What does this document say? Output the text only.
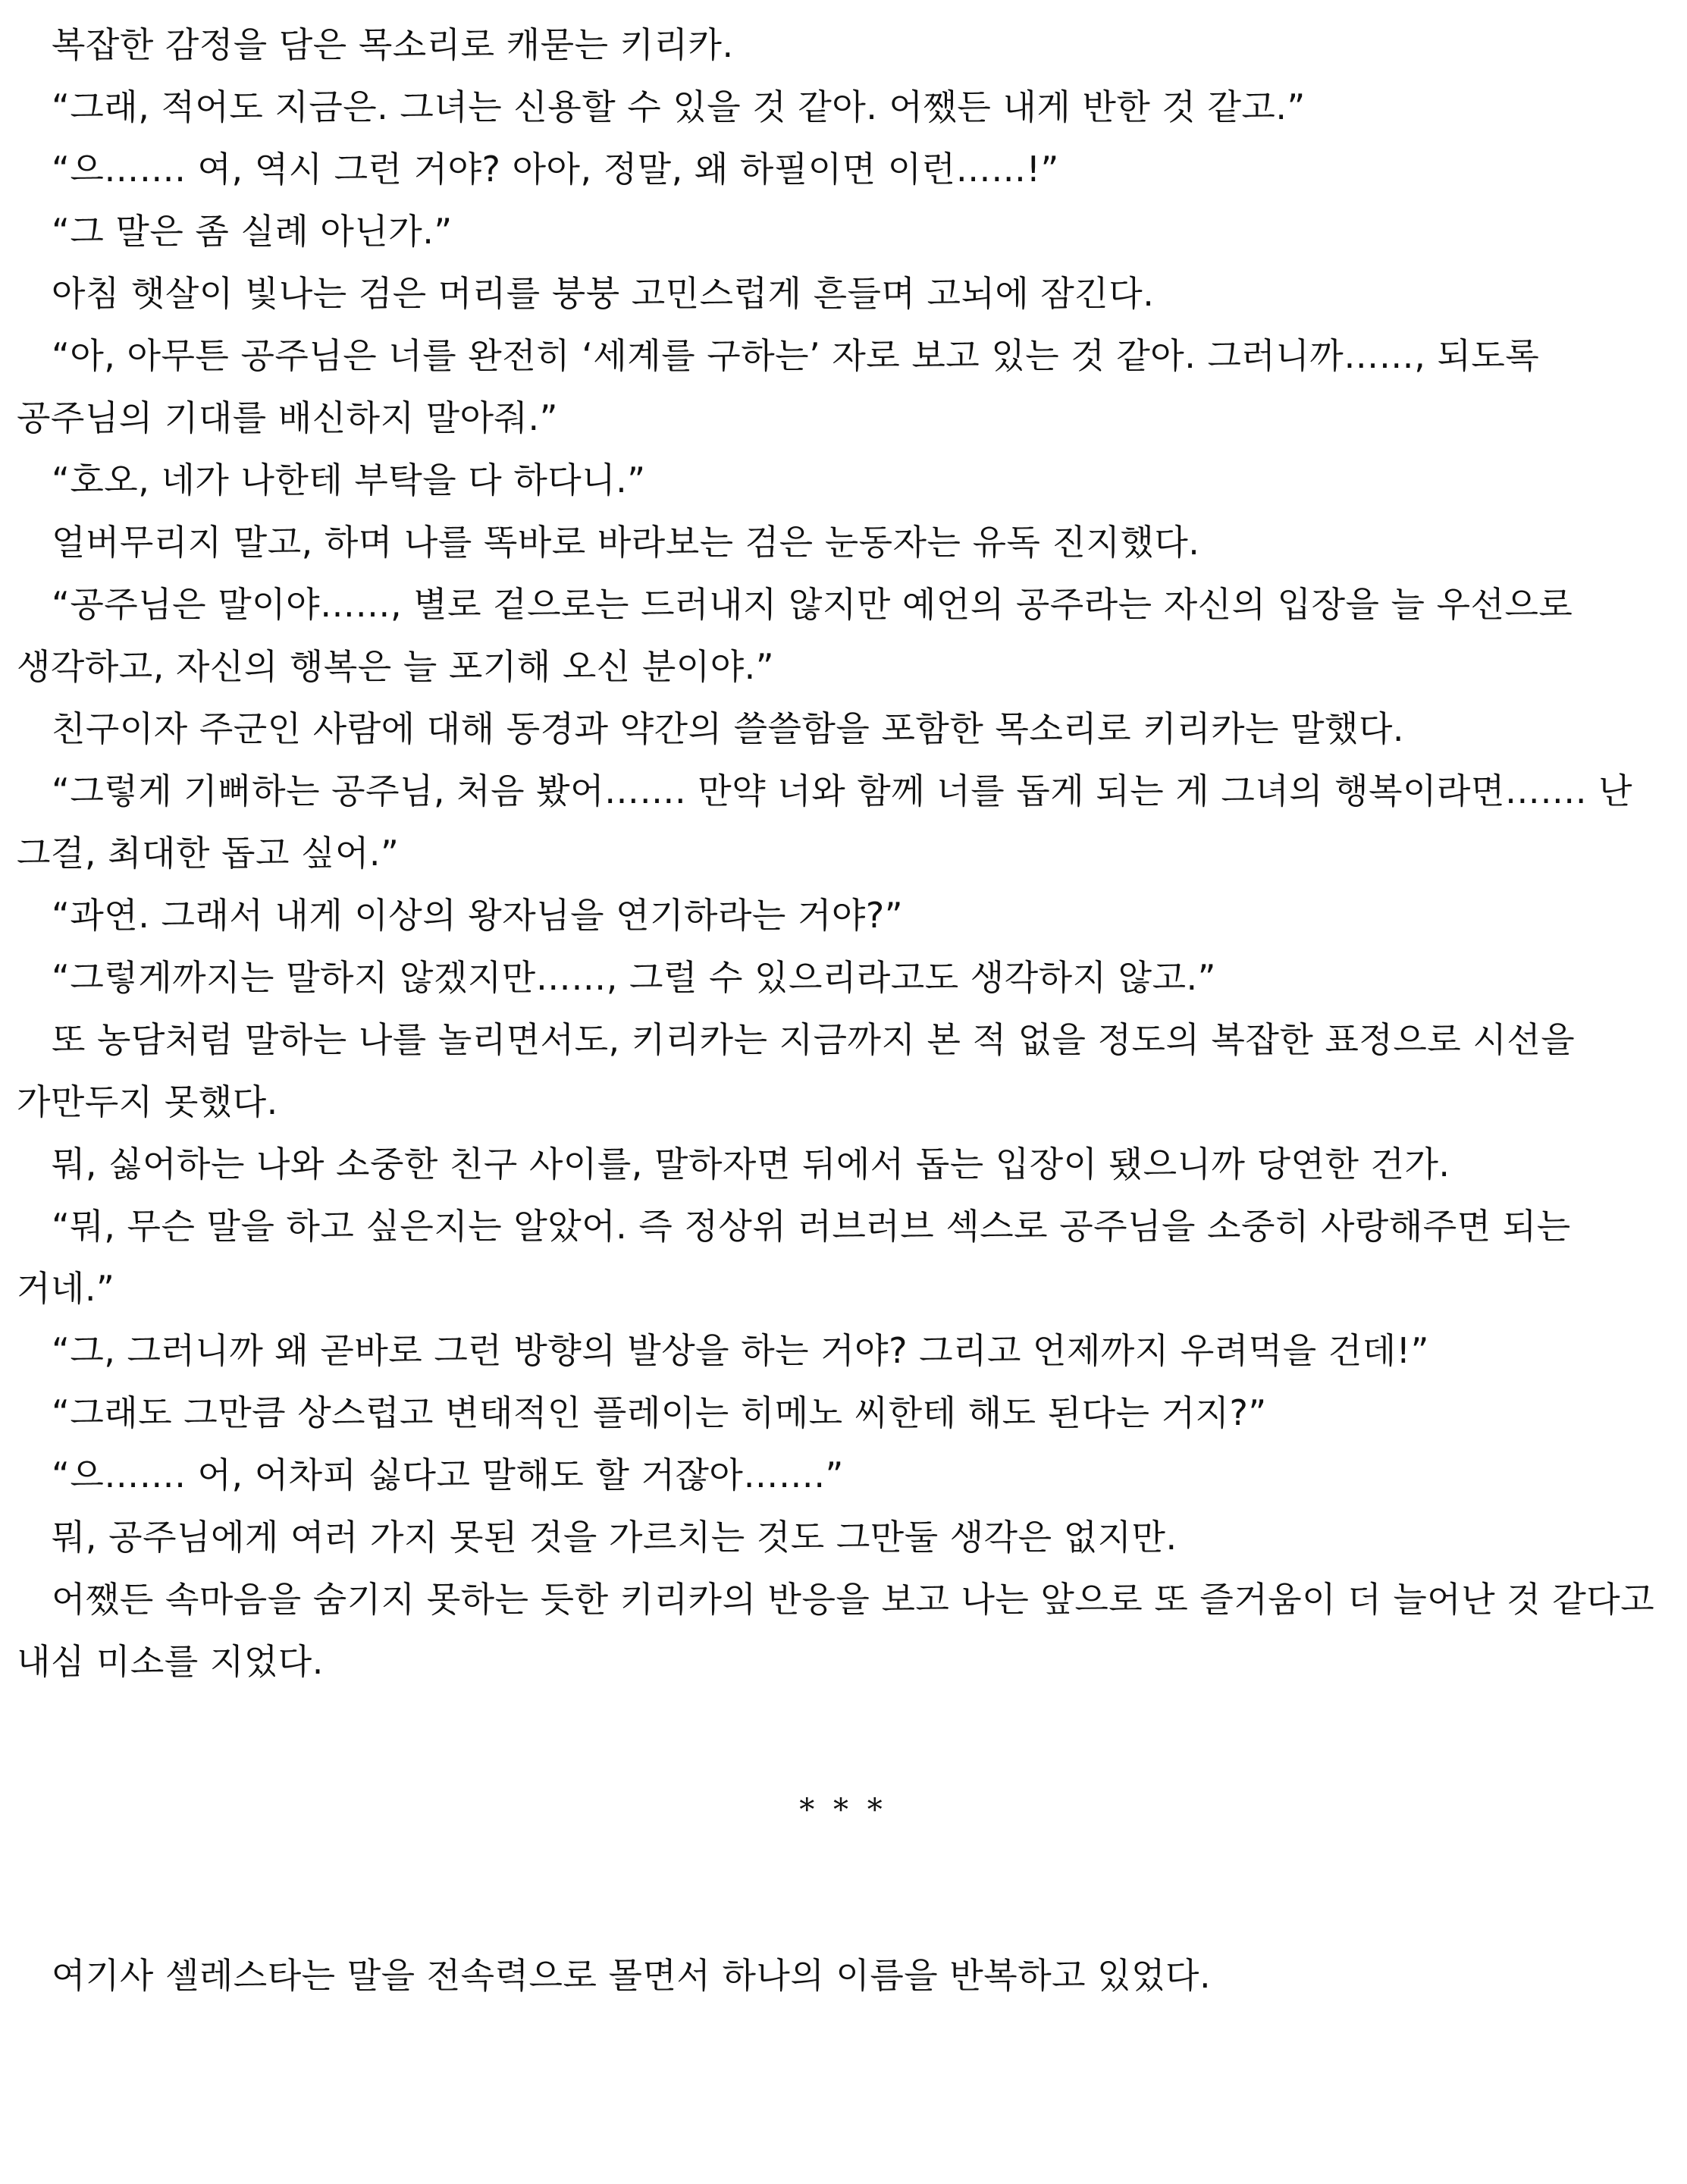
복잡한 감정을 담은 목소리로 캐묻는 키리카.

“그래, 적어도 지금은. 그녀는 신용할 수 있을 것 같아. 어쨌든 내게 반한 것 같고.”

“으……. 여, 역시 그런 거야? 아아, 정말, 왜 하필이면 이런……!”

“그 말은 좀 실례 아닌가.”

아침 햇살이 빛나는 검은 머리를 붕붕 고민스럽게 흔들며 고뇌에 잠긴다.

“아, 아무튼 공주님은 너를 완전히 ‘세계를 구하는’ 자로 보고 있는 것 같아. 그러니까……, 되도록 공주님의 기대를 배신하지 말아줘.”

“호오, 네가 나한테 부탁을 다 하다니.”

얼버무리지 말고, 하며 나를 똑바로 바라보는 검은 눈동자는 유독 진지했다.

“공주님은 말이야……, 별로 겉으로는 드러내지 않지만 예언의 공주라는 자신의 입장을 늘 우선으로 생각하고, 자신의 행복은 늘 포기해 오신 분이야.”

친구이자 주군인 사람에 대해 동경과 약간의 쓸쓸함을 포함한 목소리로 키리카는 말했다.

“그렇게 기뻐하는 공주님, 처음 봤어……. 만약 너와 함께 너를 돕게 되는 게 그녀의 행복이라면……. 난 그걸, 최대한 돕고 싶어.”

“과연. 그래서 내게 이상의 왕자님을 연기하라는 거야?”

“그렇게까지는 말하지 않겠지만……, 그럴 수 있으리라고도 생각하지 않고.”

또 농담처럼 말하는 나를 놀리면서도, 키리카는 지금까지 본 적 없을 정도의 복잡한 표정으로 시선을 가만두지 못했다.

뭐, 싫어하는 나와 소중한 친구 사이를, 말하자면 뒤에서 돕는 입장이 됐으니까 당연한 건가.

“뭐, 무슨 말을 하고 싶은지는 알았어. 즉 정상위 러브러브 섹스로 공주님을 소중히 사랑해주면 되는 거네.”

“그, 그러니까 왜 곧바로 그런 방향의 발상을 하는 거야? 그리고 언제까지 우려먹을 건데!”

“그래도 그만큼 상스럽고 변태적인 플레이는 히메노 씨한테 해도 된다는 거지?”

“으……. 어, 어차피 싫다고 말해도 할 거잖아…….”

뭐, 공주님에게 여러 가지 못된 것을 가르치는 것도 그만둘 생각은 없지만.

어쨌든 속마음을 숨기지 못하는 듯한 키리카의 반응을 보고 나는 앞으로 또 즐거움이 더 늘어난 것 같다고 내심 미소를 지었다.

* * *

여기사 셀레스타는 말을 전속력으로 몰면서 하나의 이름을 반복하고 있었다.
